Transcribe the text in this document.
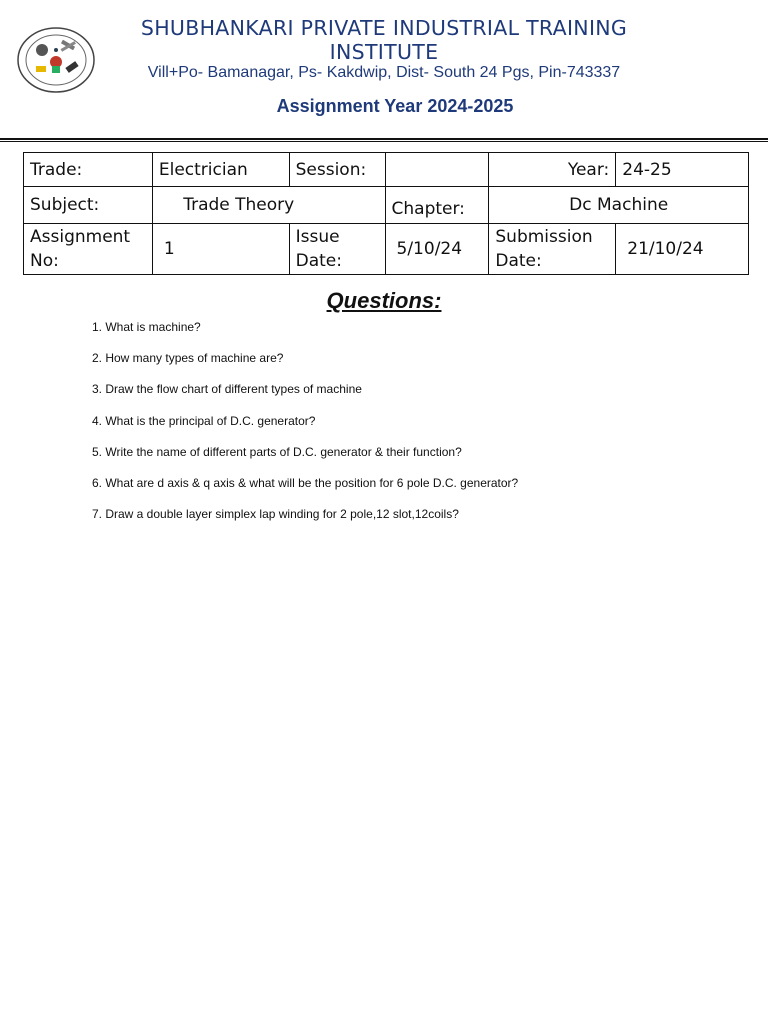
SHUBHANKARI PRIVATE INDUSTRIAL TRAINING INSTITUTE
Vill+Po- Bamanagar, Ps- Kakdwip, Dist- South 24 Pgs, Pin-743337
Assignment Year 2024-2025
Trade:	Electrician	Session:		Year:	24-25
Subject:	Trade Theory		Chapter:	Dc Machine	
Assignment No:	1	Issue Date:	5/10/24	Submission Date:	21/10/24
Questions:
1. What is machine?
2. How many types of machine are?
3. Draw the flow chart of different types of machine
4. What is the principal of D.C. generator?
5. Write the name of different parts of D.C. generator & their function?
6. What are d axis & q axis & what will be the position for 6 pole D.C. generator?
7. Draw a double layer simplex lap winding for 2 pole,12 slot,12coils?
